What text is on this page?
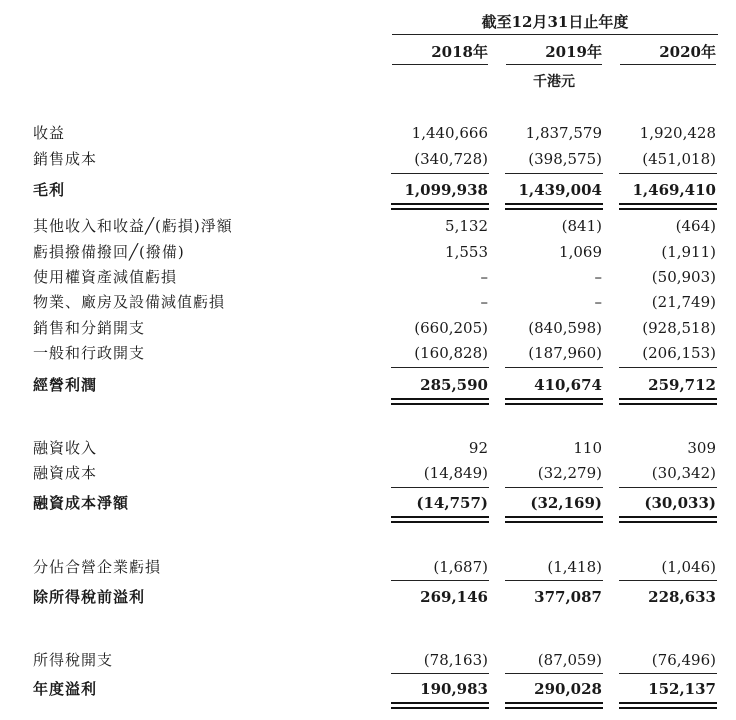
截至12月31日止年度
2018年	2019年	2020年
千港元
收益	1,440,666	1,837,579	1,920,428
銷售成本	(340,728)	(398,575)	(451,018)
毛利	1,099,938	1,439,004	1,469,410
其他收入和收益╱(虧損)淨額	5,132	(841)	(464)
虧損撥備撥回╱(撥備)	1,553	1,069	(1,911)
使用權資產減值虧損	–	–	(50,903)
物業、廠房及設備減值虧損	–	–	(21,749)
銷售和分銷開支	(660,205)	(840,598)	(928,518)
一般和行政開支	(160,828)	(187,960)	(206,153)
經營利潤	285,590	410,674	259,712
融資收入	92	110	309
融資成本	(14,849)	(32,279)	(30,342)
融資成本淨額	(14,757)	(32,169)	(30,033)
分佔合營企業虧損	(1,687)	(1,418)	(1,046)
除所得稅前溢利	269,146	377,087	228,633
所得稅開支	(78,163)	(87,059)	(76,496)
年度溢利	190,983	290,028	152,137
